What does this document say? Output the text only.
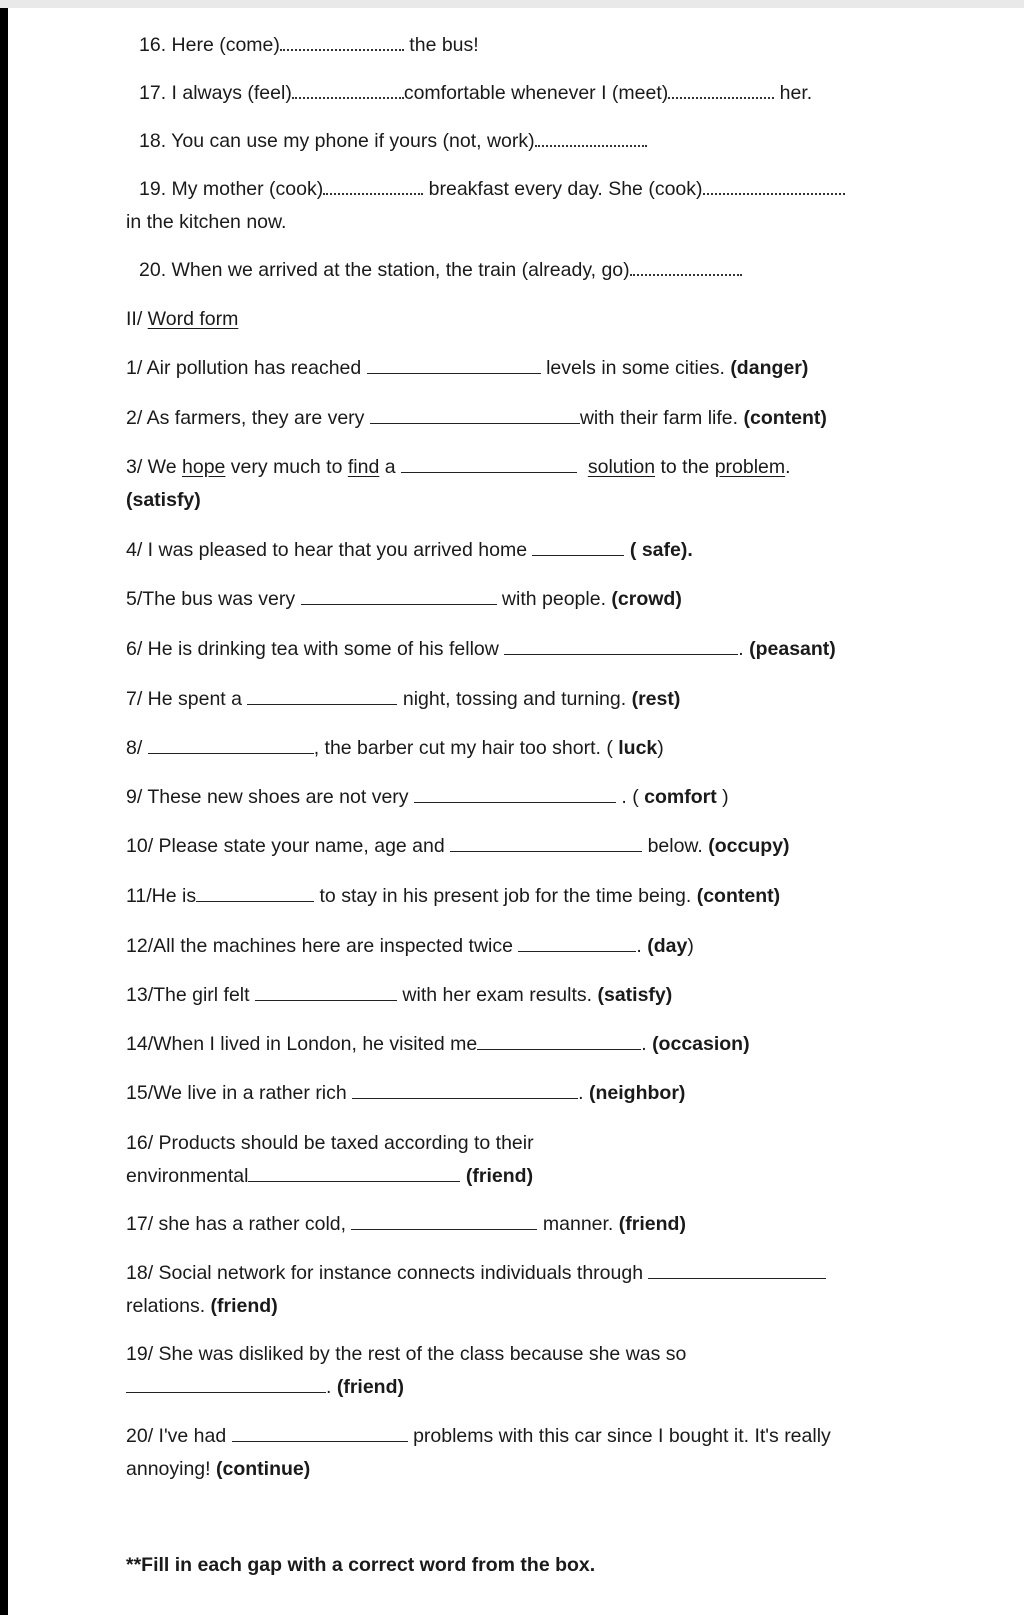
16. Here (come)	the bus!
17. I always (feel)	comfortable whenever I (meet)	her.
18. You can use my phone if yours (not, work)
19. My mother (cook)	breakfast every day. She (cook)
in the kitchen now.
20. When we arrived at the station, the train (already, go)
II/ Word form
1/ Air pollution has reached	levels in some cities. (danger)
2/ As farmers, they are very	with their farm life. (content)
3/ We hope very much to find a	solution to the problem.
(satisfy)
4/ I was pleased to hear that you arrived home	( safe).
5/The bus was very	with people. (crowd)
6/ He is drinking tea with some of his fellow	. (peasant)
7/ He spent a	night, tossing and turning. (rest)
8/	, the barber cut my hair too short. ( luck)
9/ These new shoes are not very	. ( comfort )
10/ Please state your name, age and	below. (occupy)
11/He is	to stay in his present job for the time being. (content)
12/All the machines here are inspected twice	. (day)
13/The girl felt	with her exam results. (satisfy)
14/When I lived in London, he visited me	. (occasion)
15/We live in a rather rich	. (neighbor)
16/ Products should be taxed according to their
environmental	(friend)
17/ she has a rather cold,	manner. (friend)
18/ Social network for instance connects individuals through
relations. (friend)
19/ She was disliked by the rest of the class because she was so
. (friend)
20/ I've had	problems with this car since I bought it. It's really
annoying! (continue)
**Fill in each gap with a correct word from the box.
